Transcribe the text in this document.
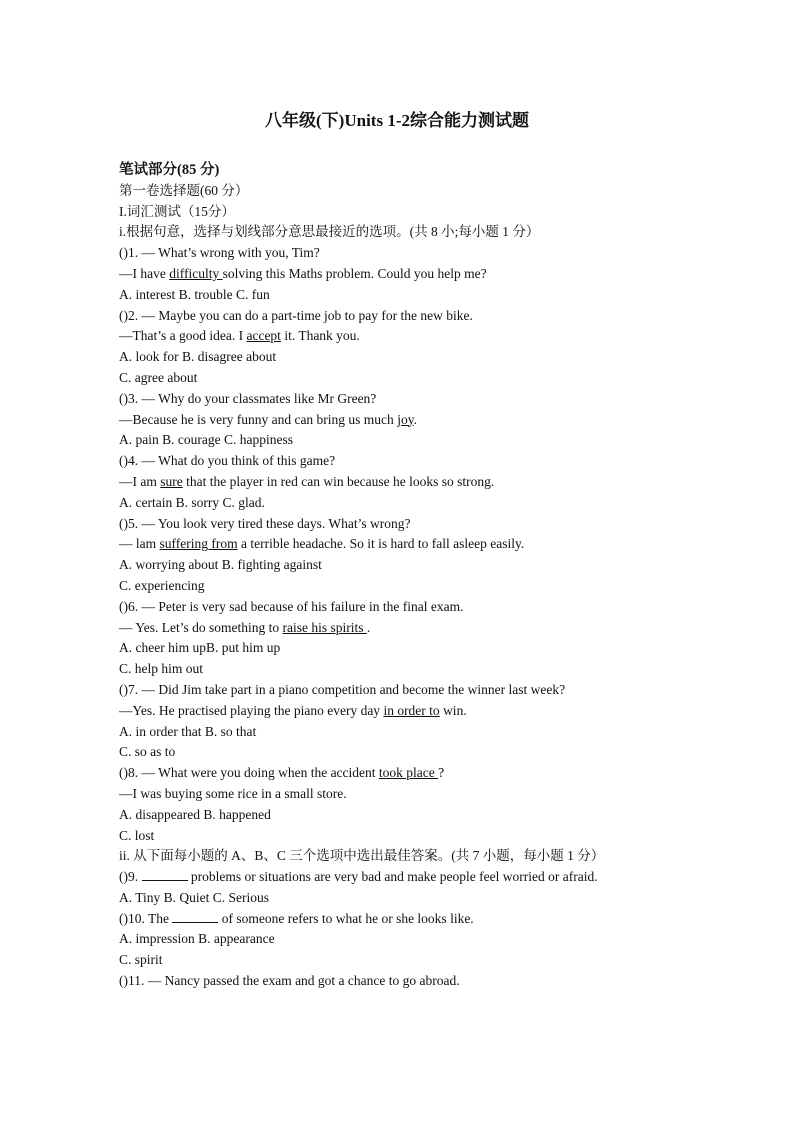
八年级(下)Units 1-2综合能力测试题
笔试部分(85 分)
第一卷选择题(60 分）
I.词汇测试（15分）
i.根据句意，选择与划线部分意思最接近的选项。(共 8 小;每小题 1 分）
()1. — What’s wrong with you, Tim?
—I have difficulty solving this Maths problem. Could you help me?
A. interest B. trouble C. fun
()2. — Maybe you can do a part-time job to pay for the new bike.
—That’s a good idea. I accept it. Thank you.
A. look for B. disagree about
C. agree about
()3. — Why do your classmates like Mr Green?
—Because he is very funny and can bring us much joy.
A. pain B. courage C. happiness
()4. — What do you think of this game?
—I am sure that the player in red can win because he looks so strong.
A. certain B. sorry C. glad.
()5. — You look very tired these days. What’s wrong?
— lam suffering from a terrible headache. So it is hard to fall asleep easily.
A. worrying about B. fighting against
C. experiencing
()6. — Peter is very sad because of his failure in the final exam.
— Yes. Let’s do something to raise his spirits .
A. cheer him upB. put him up
C. help him out
()7. — Did Jim take part in a piano competition and become the winner last week?
—Yes. He practised playing the piano every day in order to win.
A. in order that B. so that
C. so as to
()8. — What were you doing when the accident took place ?
—I was buying some rice in a small store.
A. disappeared B. happened
C. lost
ii. 从下面每小题的 A、B、C 三个选项中选出最佳答案。(共 7 小题，每小题 1 分）
()9.	problems or situations are very bad and make people feel worried or afraid.
A. Tiny B. Quiet C. Serious
()10. The	of someone refers to what he or she looks like.
A. impression B. appearance
C. spirit
()11. — Nancy passed the exam and got a chance to go abroad.
